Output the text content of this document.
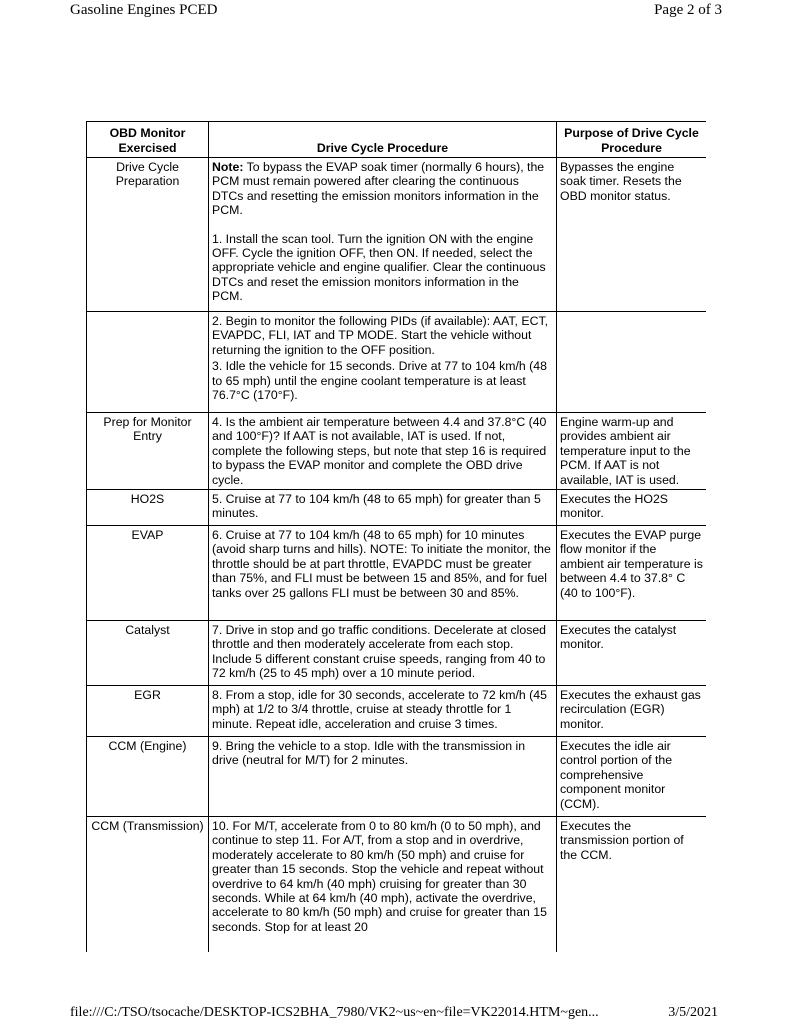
Gasoline Engines PCED	Page 2 of 3
OBD Monitor Exercised	Drive Cycle Procedure	Purpose of Drive Cycle Procedure
Drive Cycle Preparation	Note: To bypass the EVAP soak timer (normally 6 hours), the PCM must remain powered after clearing the continuous DTCs and resetting the emission monitors information in the PCM.

1. Install the scan tool. Turn the ignition ON with the engine OFF. Cycle the ignition OFF, then ON. If needed, select the appropriate vehicle and engine qualifier. Clear the continuous DTCs and reset the emission monitors information in the PCM.	Bypasses the engine soak timer. Resets the OBD monitor status.

	2. Begin to monitor the following PIDs (if available): AAT, ECT, EVAPDC, FLI, IAT and TP MODE. Start the vehicle without returning the ignition to the OFF position.

3. Idle the vehicle for 15 seconds. Drive at 77 to 104 km/h (48 to 65 mph) until the engine coolant temperature is at least 76.7°C (170°F).	

Prep for Monitor Entry	4. Is the ambient air temperature between 4.4 and 37.8°C (40 and 100°F)? If AAT is not available, IAT is used. If not, complete the following steps, but note that step 16 is required to bypass the EVAP monitor and complete the OBD drive cycle.	Engine warm-up and provides ambient air temperature input to the PCM. If AAT is not available, IAT is used.
HO2S	5. Cruise at 77 to 104 km/h (48 to 65 mph) for greater than 5 minutes.	Executes the HO2S monitor.
EVAP	6. Cruise at 77 to 104 km/h (48 to 65 mph) for 10 minutes (avoid sharp turns and hills). NOTE: To initiate the monitor, the throttle should be at part throttle, EVAPDC must be greater than 75%, and FLI must be between 15 and 85%, and for fuel tanks over 25 gallons FLI must be between 30 and 85%.	Executes the EVAP purge flow monitor if the ambient air temperature is between 4.4 to 37.8° C (40 to 100°F).
Catalyst	7. Drive in stop and go traffic conditions. Decelerate at closed throttle and then moderately accelerate from each stop. Include 5 different constant cruise speeds, ranging from 40 to 72 km/h (25 to 45 mph) over a 10 minute period.	Executes the catalyst monitor.
EGR	8. From a stop, idle for 30 seconds, accelerate to 72 km/h (45 mph) at 1/2 to 3/4 throttle, cruise at steady throttle for 1 minute. Repeat idle, acceleration and cruise 3 times.	Executes the exhaust gas recirculation (EGR) monitor.
CCM (Engine)	9. Bring the vehicle to a stop. Idle with the transmission in drive (neutral for M/T) for 2 minutes.	Executes the idle air control portion of the comprehensive component monitor (CCM).
CCM (Transmission)	10. For M/T, accelerate from 0 to 80 km/h (0 to 50 mph), and continue to step 11. For A/T, from a stop and in overdrive, moderately accelerate to 80 km/h (50 mph) and cruise for greater than 15 seconds. Stop the vehicle and repeat without overdrive to 64 km/h (40 mph) cruising for greater than 30 seconds. While at 64 km/h (40 mph), activate the overdrive, accelerate to 80 km/h (50 mph) and cruise for greater than 15 seconds. Stop for at least 20	Executes the transmission portion of the CCM.
file:///C:/TSO/tsocache/DESKTOP-ICS2BHA_7980/VK2~us~en~file=VK22014.HTM~gen...	3/5/2021
